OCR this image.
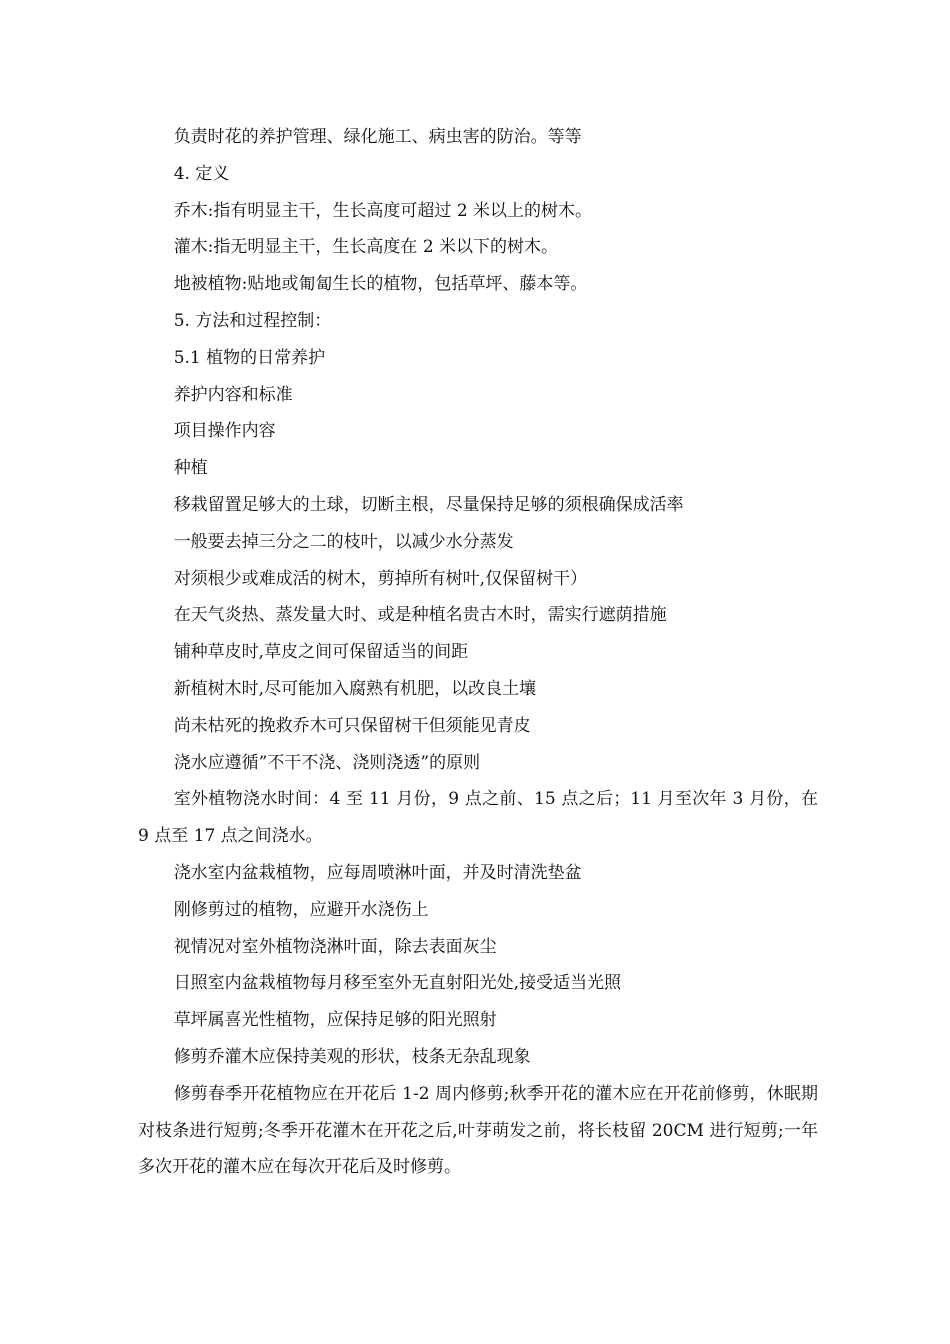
负责时花的养护管理、绿化施工、病虫害的防治。等等

4. 定义

乔木:指有明显主干，生长高度可超过 2 米以上的树木。

灌木:指无明显主干，生长高度在 2 米以下的树木。

地被植物:贴地或匍匐生长的植物，包括草坪、藤本等。

5. 方法和过程控制：

5.1 植物的日常养护

养护内容和标准

项目操作内容

种植

移栽留置足够大的土球，切断主根，尽量保持足够的须根确保成活率

一般要去掉三分之二的枝叶，以减少水分蒸发

对须根少或难成活的树木，剪掉所有树叶,仅保留树干）

在天气炎热、蒸发量大时、或是种植名贵古木时，需实行遮荫措施

铺种草皮时,草皮之间可保留适当的间距

新植树木时,尽可能加入腐熟有机肥，以改良土壤

尚未枯死的挽救乔木可只保留树干但须能见青皮

浇水应遵循”不干不浇、浇则浇透”的原则

室外植物浇水时间：4 至 11 月份，9 点之前、15 点之后；11 月至次年 3 月份，在 9 点至 17 点之间浇水。

浇水室内盆栽植物，应每周喷淋叶面，并及时清洗垫盆

刚修剪过的植物，应避开水浇伤上

视情况对室外植物浇淋叶面，除去表面灰尘

日照室内盆栽植物每月移至室外无直射阳光处,接受适当光照

草坪属喜光性植物，应保持足够的阳光照射

修剪乔灌木应保持美观的形状，枝条无杂乱现象

修剪春季开花植物应在开花后 1-2 周内修剪;秋季开花的灌木应在开花前修剪，休眠期对枝条进行短剪;冬季开花灌木在开花之后,叶芽萌发之前，将长枝留 20CM 进行短剪;一年多次开花的灌木应在每次开花后及时修剪。
